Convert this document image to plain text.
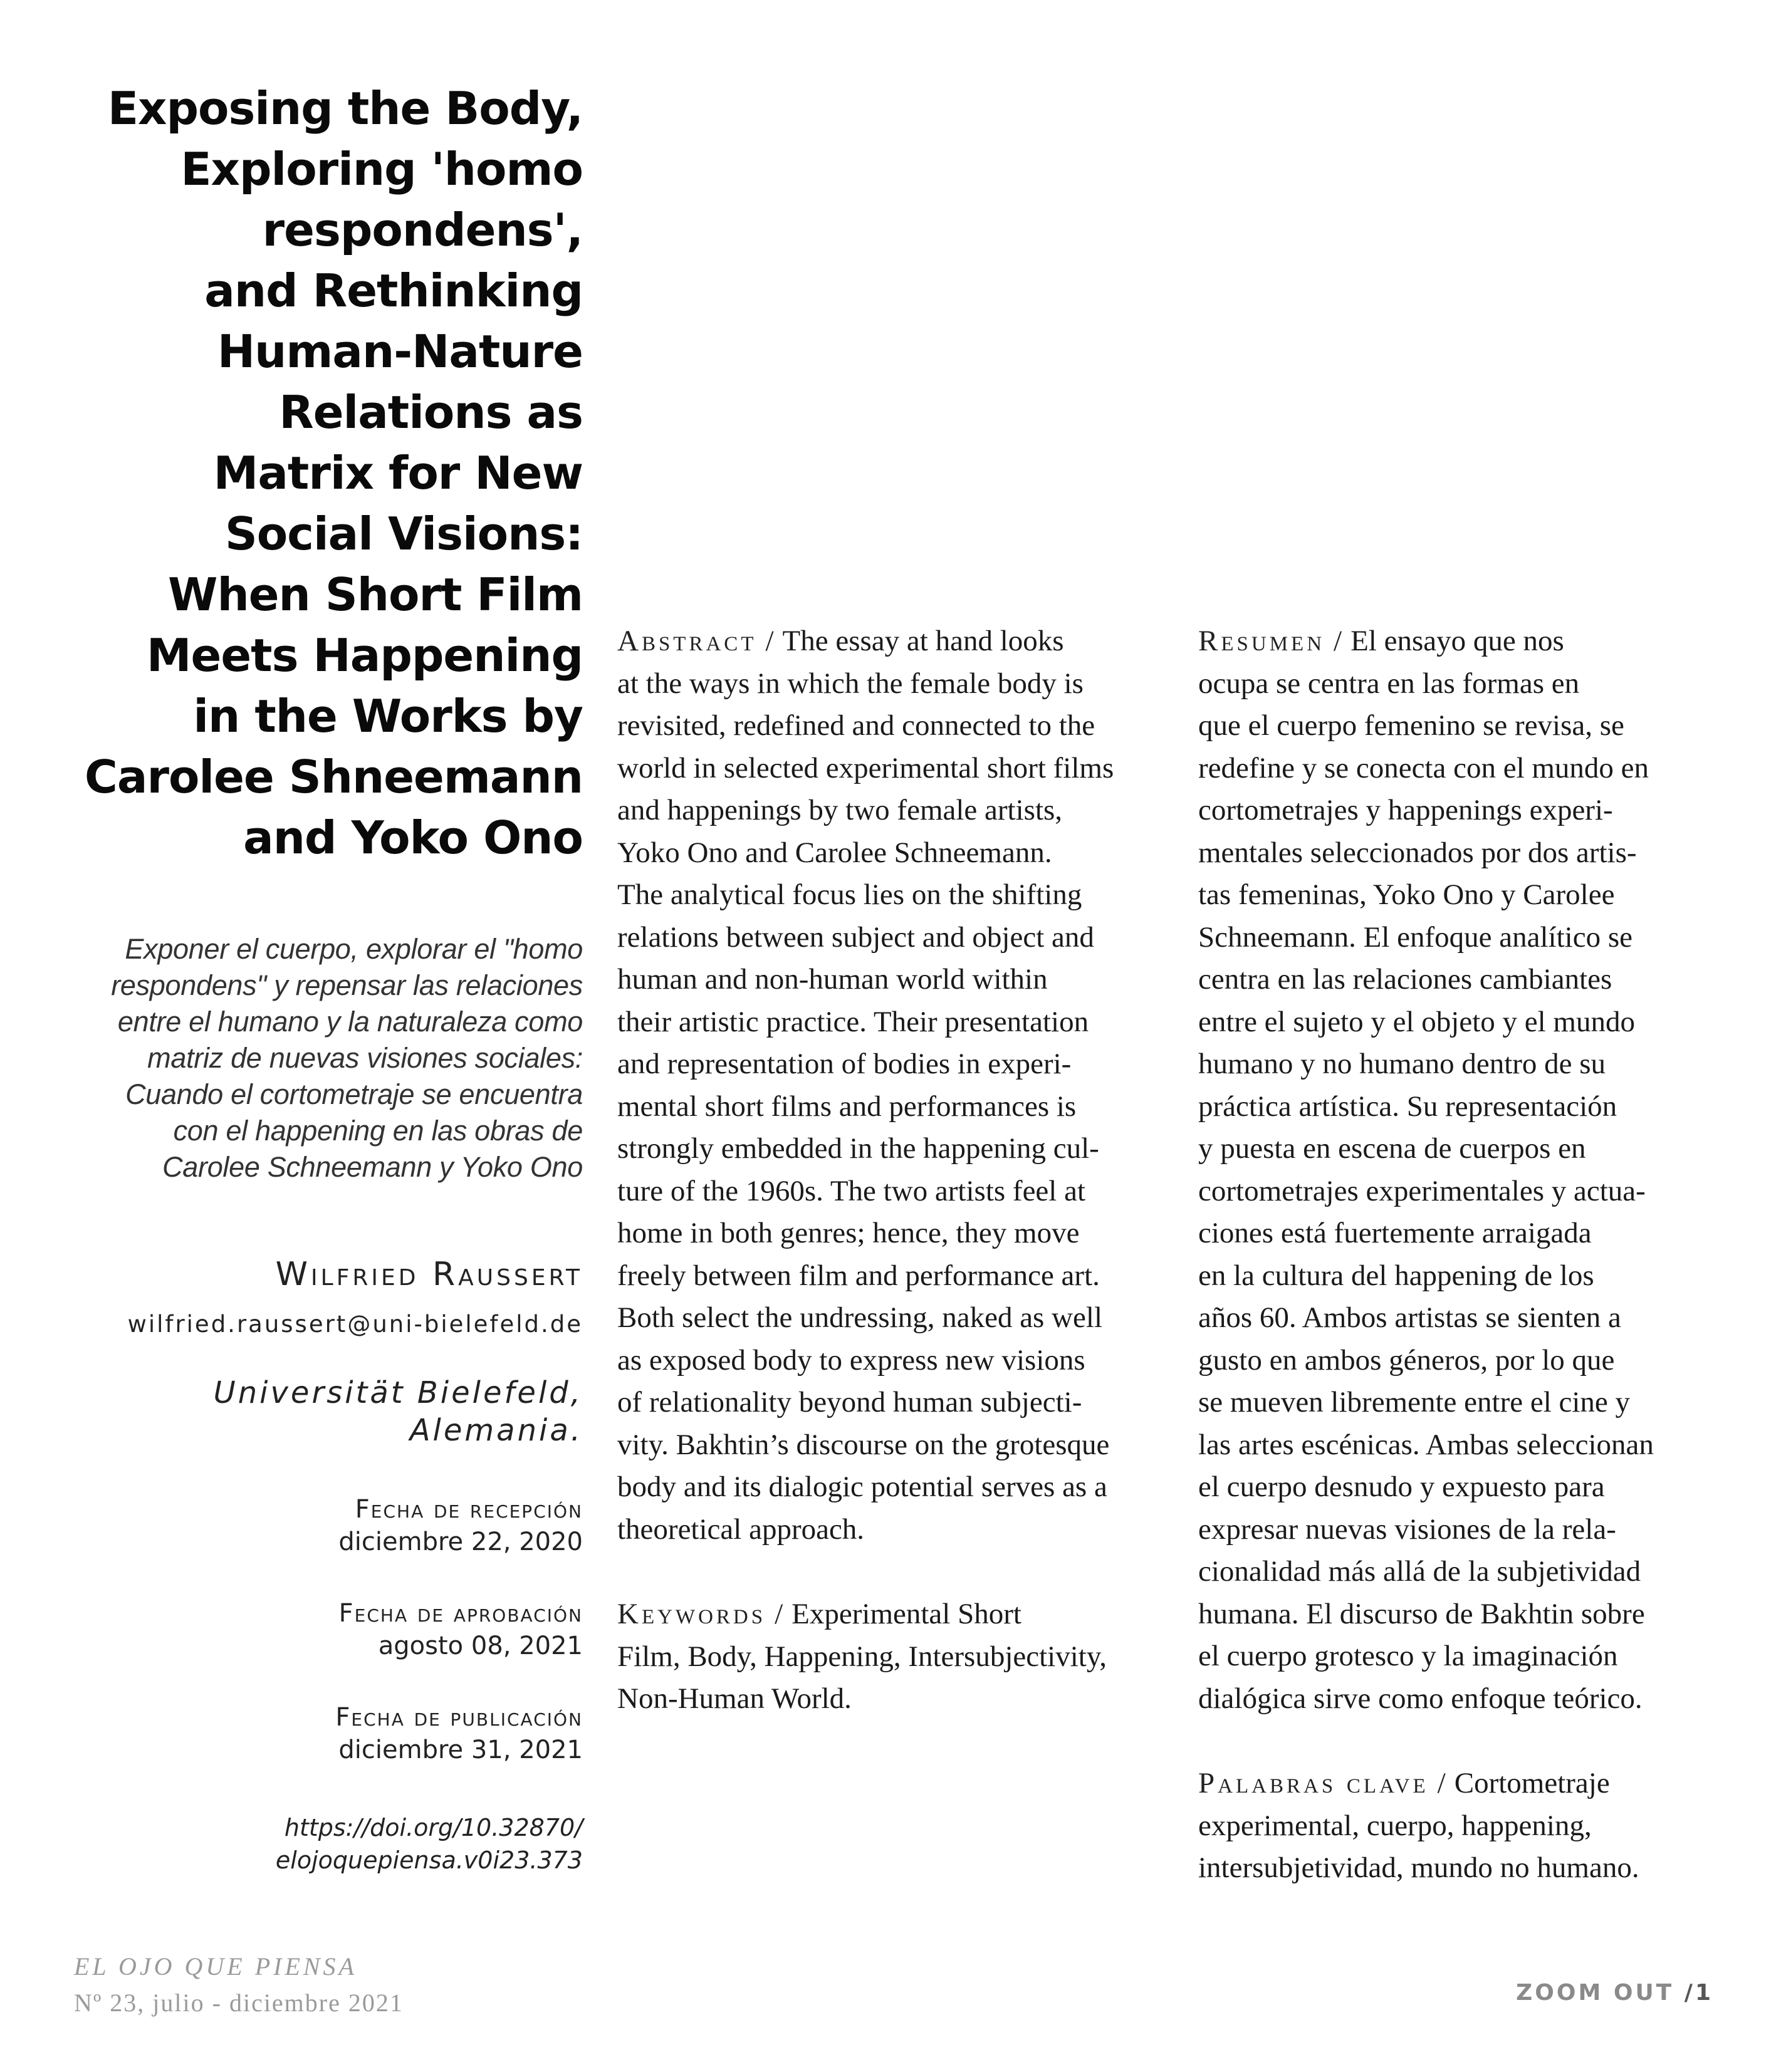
Exposing the Body,
Exploring 'homo
respondens',
and Rethinking
Human-Nature
Relations as
Matrix for New
Social Visions:
When Short Film
Meets Happening
in the Works by
Carolee Shneemann
and Yoko Ono
Exponer el cuerpo, explorar el "homo
respondens" y repensar las relaciones
entre el humano y la naturaleza como
matriz de nuevas visiones sociales:
Cuando el cortometraje se encuentra
con el happening en las obras de
Carolee Schneemann y Yoko Ono
Wilfried Raussert
wilfried.raussert@uni-bielefeld.de
Universität Bielefeld,
Alemania.
Fecha de recepción
diciembre 22, 2020
Fecha de aprobación
agosto 08, 2021
Fecha de publicación
diciembre 31, 2021
https://doi.org/10.32870/
elojoquepiensa.v0i23.373
Abstract / The essay at hand looks
at the ways in which the female body is
revisited, redefined and connected to the
world in selected experimental short films
and happenings by two female artists,
Yoko Ono and Carolee Schneemann.
The analytical focus lies on the shifting
relations between subject and object and
human and non-human world within
their artistic practice. Their presentation
and representation of bodies in experi-
mental short films and performances is
strongly embedded in the happening cul-
ture of the 1960s. The two artists feel at
home in both genres; hence, they move
freely between film and performance art.
Both select the undressing, naked as well
as exposed body to express new visions
of relationality beyond human subjecti-
vity. Bakhtin’s discourse on the grotesque
body and its dialogic potential serves as a
theoretical approach.
Keywords / Experimental Short
Film, Body, Happening, Intersubjectivity,
Non-Human World.
Resumen / El ensayo que nos
ocupa se centra en las formas en
que el cuerpo femenino se revisa, se
redefine y se conecta con el mundo en
cortometrajes y happenings experi-
mentales seleccionados por dos artis-
tas femeninas, Yoko Ono y Carolee
Schneemann. El enfoque analítico se
centra en las relaciones cambiantes
entre el sujeto y el objeto y el mundo
humano y no humano dentro de su
práctica artística. Su representación
y puesta en escena de cuerpos en
cortometrajes experimentales y actua-
ciones está fuertemente arraigada
en la cultura del happening de los
años 60. Ambos artistas se sienten a
gusto en ambos géneros, por lo que
se mueven libremente entre el cine y
las artes escénicas. Ambas seleccionan
el cuerpo desnudo y expuesto para
expresar nuevas visiones de la rela-
cionalidad más allá de la subjetividad
humana. El discurso de Bakhtin sobre
el cuerpo grotesco y la imaginación
dialógica sirve como enfoque teórico.
Palabras clave / Cortometraje
experimental, cuerpo, happening,
intersubjetividad, mundo no humano.
EL OJO QUE PIENSA
Nº 23, julio - diciembre 2021	ZOOM OUT /1
